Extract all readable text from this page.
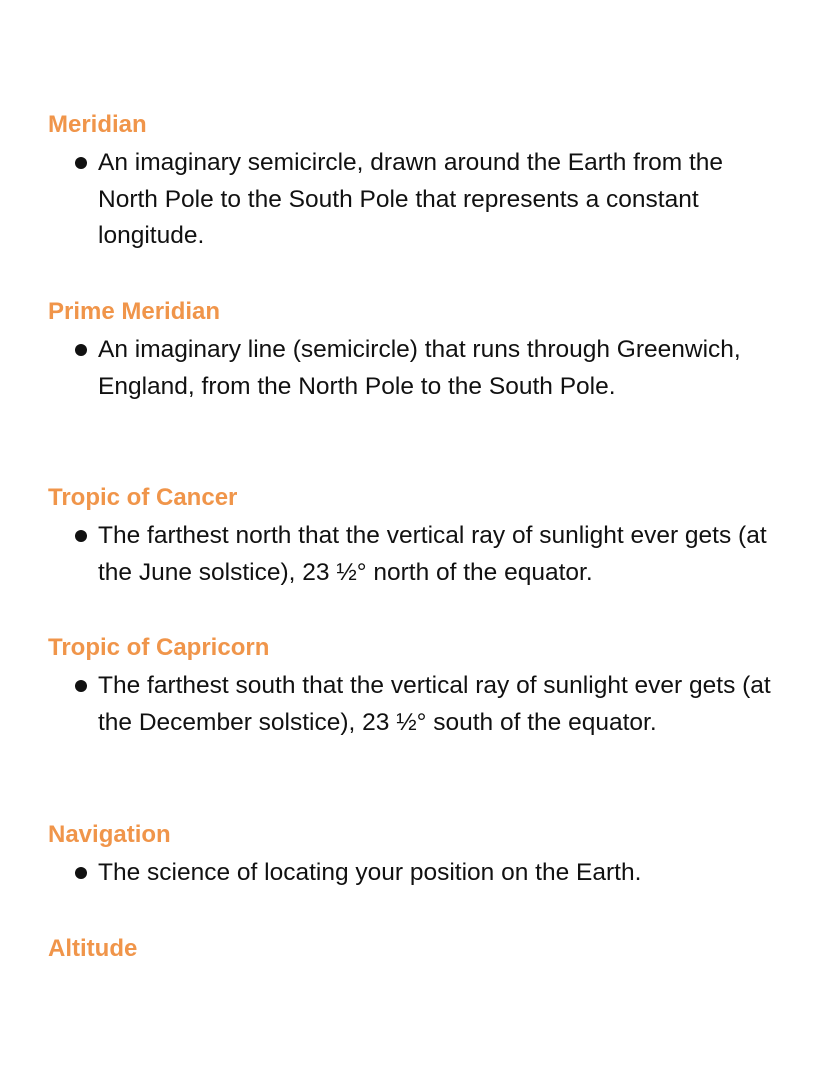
Meridian
An imaginary semicircle, drawn around the Earth from the North Pole to the South Pole that represents a constant longitude.
Prime Meridian
An imaginary line (semicircle) that runs through Greenwich, England, from the North Pole to the South Pole.
Tropic of Cancer
The farthest north that the vertical ray of sunlight ever gets (at the June solstice), 23 ½° north of the equator.
Tropic of Capricorn
The farthest south that the vertical ray of sunlight ever gets (at the December solstice), 23 ½° south of the equator.
Navigation
The science of locating your position on the Earth.
Altitude
